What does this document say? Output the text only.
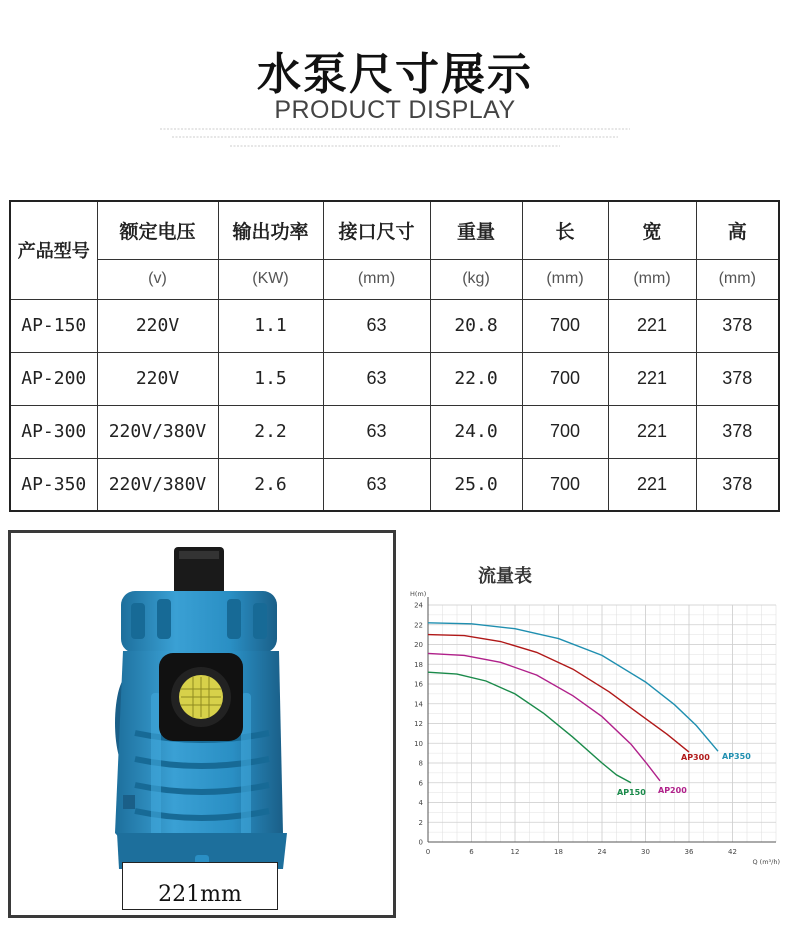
水泵尺寸展示
PRODUCT DISPLAY
产品型号	额定电压	输出功率	接口尺寸	重量	长	宽	高
	(v)	(KW)	(mm)	(kg)	(mm)	(mm)	(mm)
AP-150	220V	1.1	63	20.8	700	221	378
AP-200	220V	1.5	63	22.0	700	221	378
AP-300	220V/380V	2.2	63	24.0	700	221	378
AP-350	220V/380V	2.6	63	25.0	700	221	378
221mm
流量表
0
2
4
6
8
10
12
14
16
18
20
22
24
0	6	12	18	24	30	36	42
H(m)
Q (m³/h)
AP150 AP200
AP300 AP350
